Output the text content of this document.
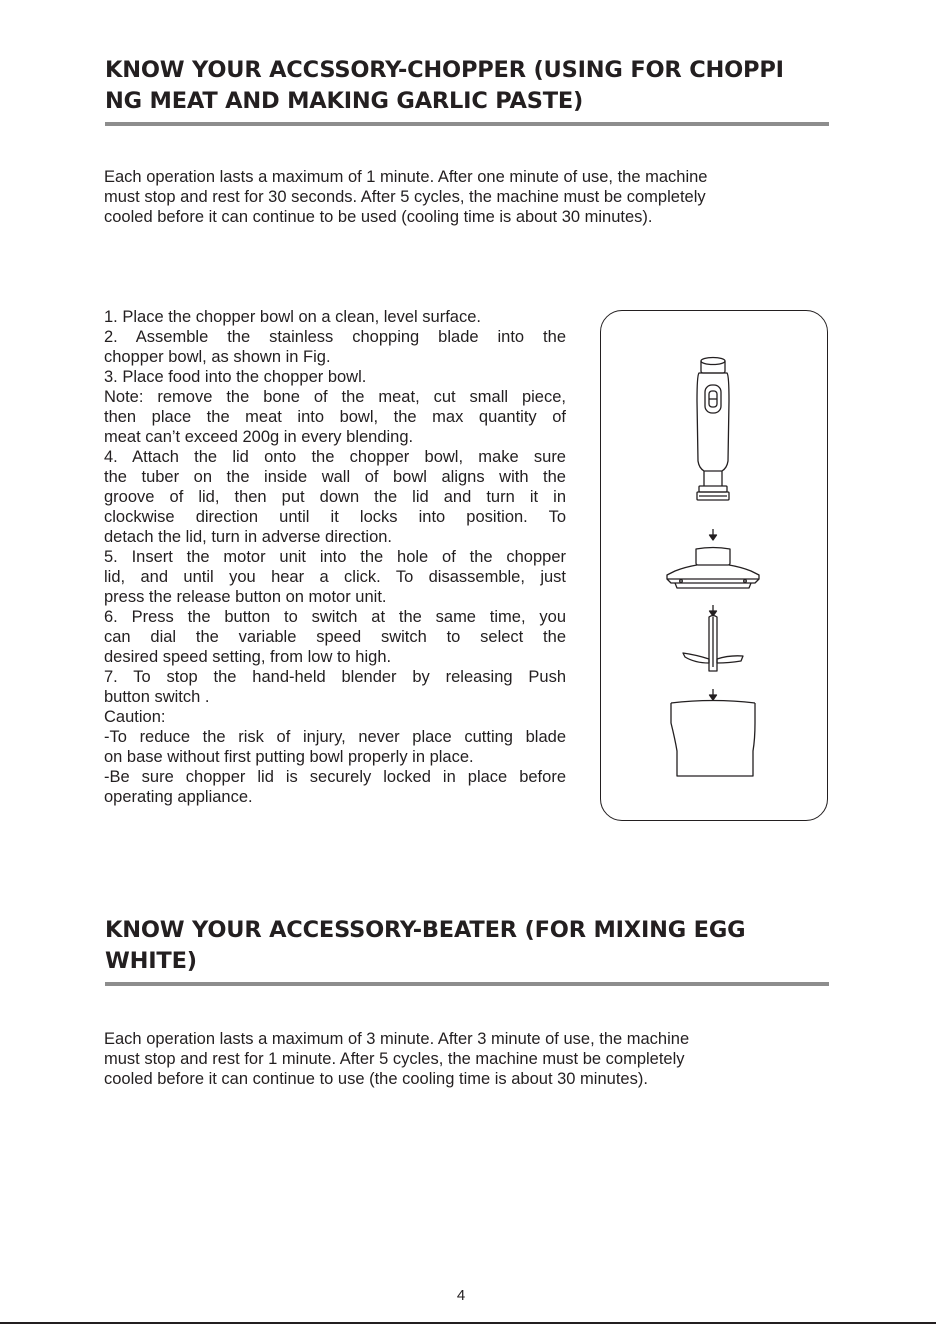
KNOW YOUR ACCSSORY-CHOPPER (USING FOR CHOPPI
NG MEAT AND MAKING GARLIC PASTE)

Each operation lasts a maximum of 1 minute. After one minute of use, the machine
must stop and rest for 30 seconds. After 5 cycles, the machine must be completely
cooled before it can continue to be used (cooling time is about 30 minutes).

1. Place the chopper bowl on a clean, level surface.
2. Assemble the stainless chopping blade into the
chopper bowl, as shown in Fig.
3. Place food into the chopper bowl.
Note: remove the bone of the meat, cut small piece,
then place the meat into bowl, the max quantity of
meat can’t exceed 200g in every blending.
4. Attach the lid onto the chopper bowl, make sure
the tuber on the inside wall of bowl aligns with the
groove of lid, then put down the lid and turn it in
clockwise direction until it locks into position. To
detach the lid, turn in adverse direction.
5. Insert the motor unit into the hole of the chopper
lid, and until you hear a click. To disassemble, just
press the release button on motor unit.
6. Press the button to switch at the same time, you
can dial the variable speed switch to select the
desired speed setting, from low to high.
7. To stop the hand-held blender by releasing Push
button switch .
Caution:
-To reduce the risk of injury, never place cutting blade
on base without first putting bowl properly in place.
-Be sure chopper lid is securely locked in place before
operating appliance.
KNOW YOUR ACCESSORY-BEATER (FOR MIXING EGG
WHITE)

Each operation lasts a maximum of 3 minute. After 3 minute of use, the machine
must stop and rest for 1 minute. After 5 cycles, the machine must be completely
cooled before it can continue to use (the cooling time is about 30 minutes).

4
